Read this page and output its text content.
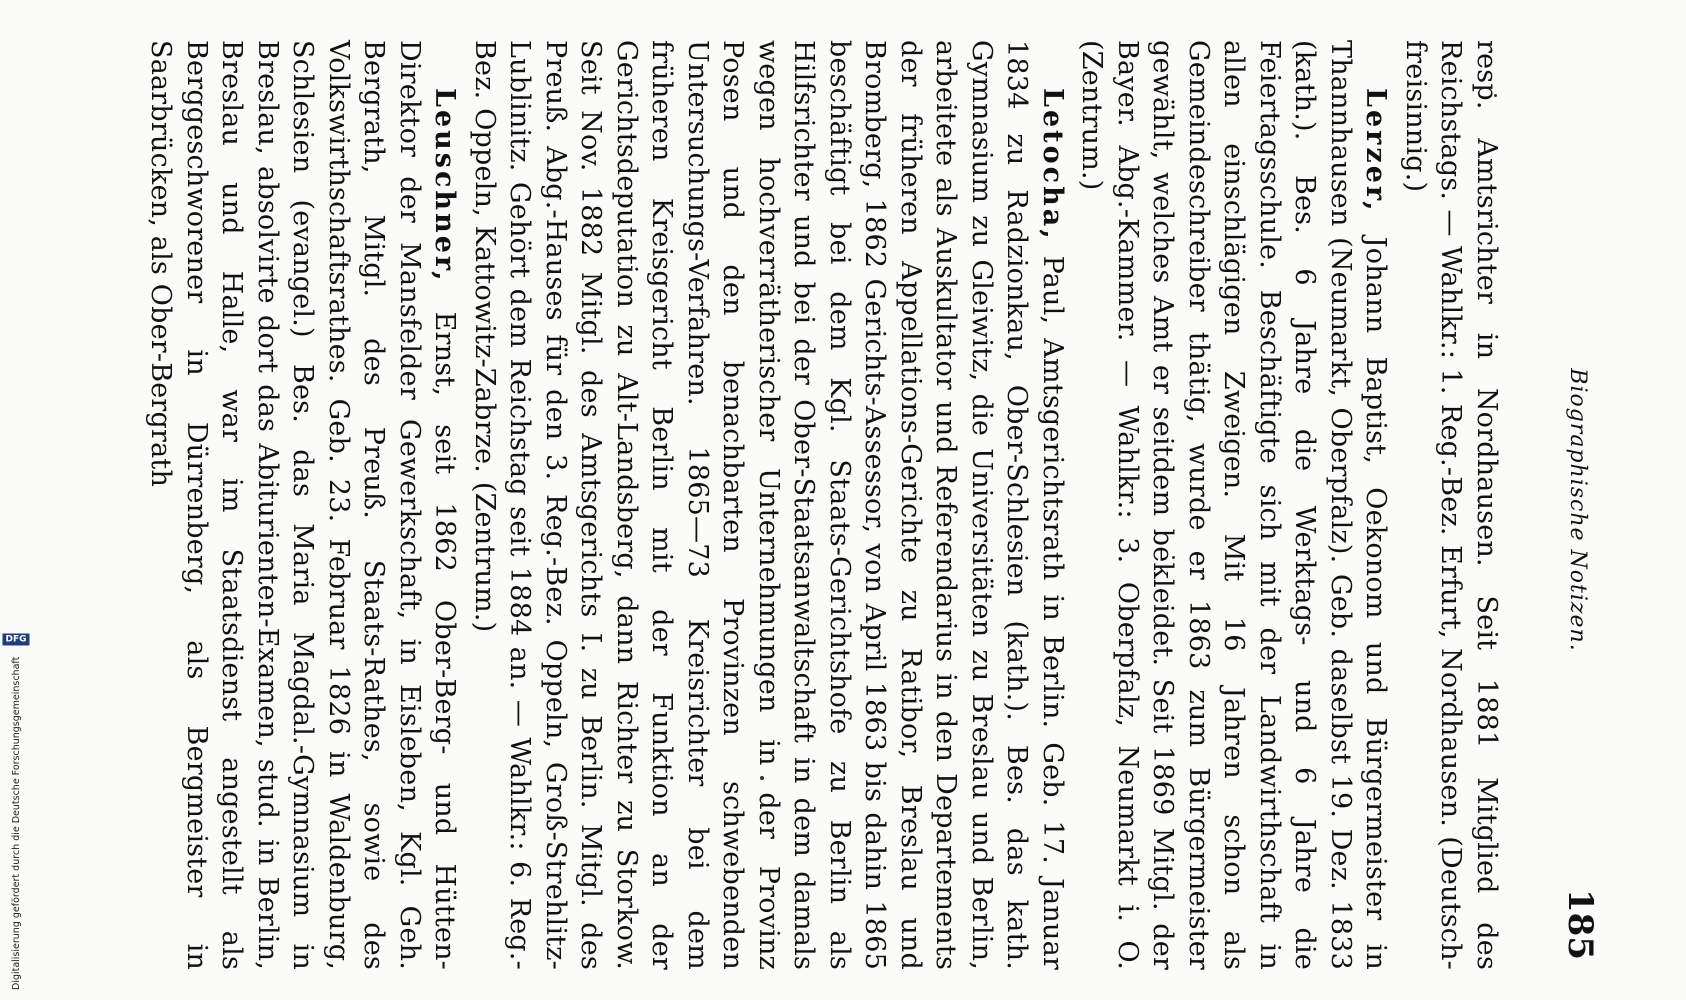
Digitalisierung gefördert durch die Deutsche Forschungsgemeinschaft
DFG	Biographische Notizen.
185

resp. Amtsrichter in Nordhausen. Seit 1881 Mitglied des Reichstags. — Wahlkr.: 1. Reg.-Bez. Erfurt, Nordhausen. (Deutsch-freisinnig.)

Lerzer, Johann Baptist, Oekonom und Bürgermeister in Thannhausen (Neumarkt, Oberpfalz). Geb. daselbst 19. Dez. 1833 (kath.). Bes. 6 Jahre die Werktags- und 6 Jahre die Feiertagsschule. Beschäftigte sich mit der Landwirthschaft in allen einschlägigen Zweigen. Mit 16 Jahren schon als Gemeindeschreiber thätig, wurde er 1863 zum Bürgermeister gewählt, welches Amt er seitdem bekleidet. Seit 1869 Mitgl. der Bayer. Abg.-Kammer. — Wahlkr.: 3. Oberpfalz, Neumarkt i. O. (Zentrum.)

Letocha, Paul, Amtsgerichtsrath in Berlin. Geb. 17. Januar 1834 zu Radzionkau, Ober-Schlesien (kath.). Bes. das kath. Gymnasium zu Gleiwitz, die Universitäten zu Breslau und Berlin, arbeitete als Auskultator und Referendarius in den Departements der früheren Appellations-Gerichte zu Ratibor, Breslau und Bromberg, 1862 Gerichts-Assessor, von April 1863 bis dahin 1865 beschäftigt bei dem Kgl. Staats-Gerichtshofe zu Berlin als Hilfsrichter und bei der Ober-Staatsanwaltschaft in dem damals wegen hochverrätherischer Unternehmungen in der Provinz Posen und den benachbarten Provinzen schwebenden Untersuchungs-Verfahren. 1865—73 Kreisrichter bei dem früheren Kreisgericht Berlin mit der Funktion an der Gerichtsdeputation zu Alt-Landsberg, dann Richter zu Storkow. Seit Nov. 1882 Mitgl. des Amtsgerichts I. zu Berlin. Mitgl. des Preuß. Abg.-Hauses für den 3. Reg.-Bez. Oppeln, Groß-Strehlitz-Lublinitz. Gehört dem Reichstag seit 1884 an. — Wahlkr.: 6. Reg.-Bez. Oppeln, Kattowitz-Zabrze. (Zentrum.)

Leuschner, Ernst, seit 1862 Ober-Berg- und Hütten-Direktor der Mansfelder Gewerkschaft, in Eisleben, Kgl. Geh. Bergrath, Mitgl. des Preuß. Staats-Rathes, sowie des Volkswirthschaftsrathes. Geb. 23. Februar 1826 in Waldenburg, Schlesien (evangel.) Bes. das Maria Magdal.-Gymnasium in Breslau, absolvirte dort das Abiturienten-Examen, stud. in Berlin, Breslau und Halle, war im Staatsdienst angestellt als Berggeschworener in Dürrenberg, als Bergmeister in Saarbrücken, als Ober-Bergrath
